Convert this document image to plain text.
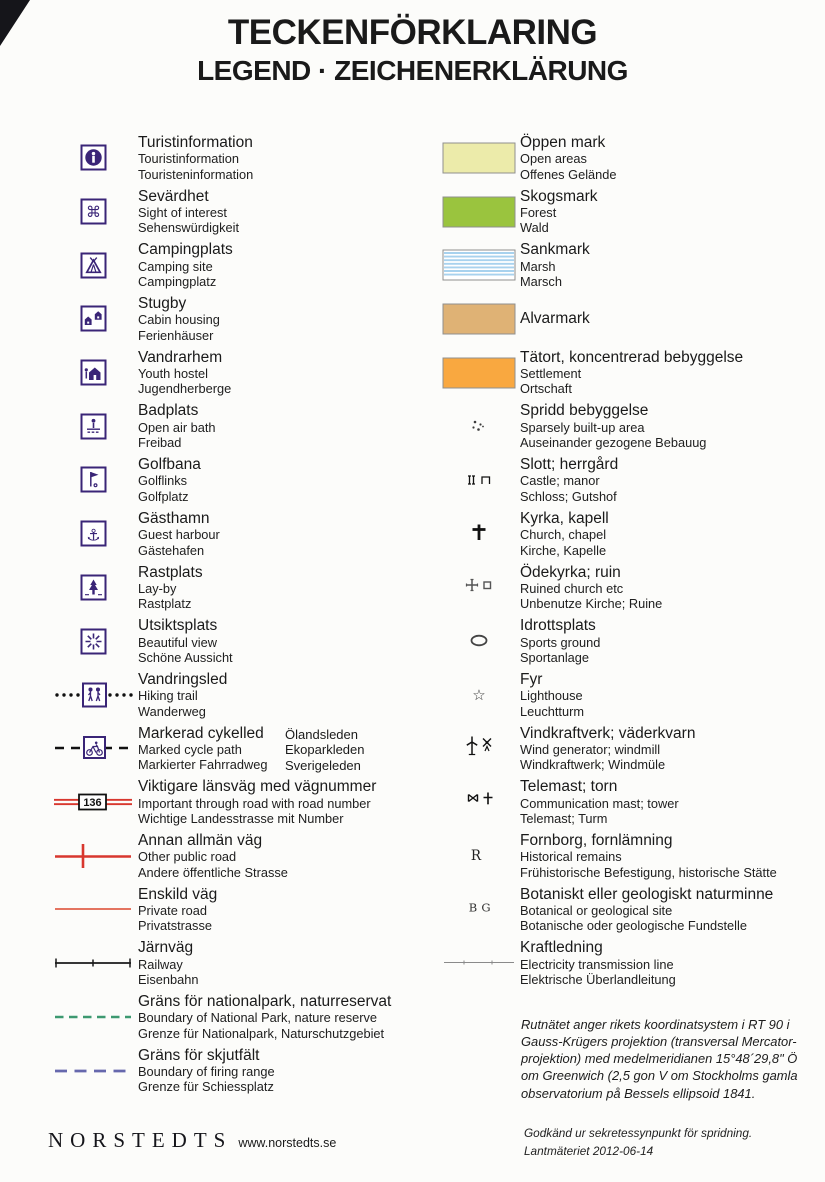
TECKENFÖRKLARING
LEGEND · ZEICHENERKLÄRUNG
Turistinformation
Touristinformation
Touristeninformation
⌘
Sevärdhet
Sight of interest
Sehenswürdigkeit
Campingplats
Camping site
Campingplatz
Stugby
Cabin housing
Ferienhäuser
Vandrarhem
Youth hostel
Jugendherberge
Badplats
Open air bath
Freibad
Golfbana
Golflinks
Golfplatz
⚓
Gästhamn
Guest harbour
Gästehafen
Rastplats
Lay-by
Rastplatz
Utsiktsplats
Beautiful view
Schöne Aussicht
Vandringsled
Hiking trail
Wanderweg
Markerad cykelled
Marked cycle path
Markierter Fahrradweg
Ölandsleden
Ekoparkleden
Sverigeleden
136
Viktigare länsväg med vägnummer
Important through road with road number
Wichtige Landesstrasse mit Number
Annan allmän väg
Other public road
Andere öffentliche Strasse
Enskild väg
Private road
Privatstrasse
Järnväg
Railway
Eisenbahn
Gräns för nationalpark, naturreservat
Boundary of National Park, nature reserve
Grenze für Nationalpark, Naturschutzgebiet
Gräns för skjutfält
Boundary of firing range
Grenze für Schiessplatz
Öppen mark
Open areas
Offenes Gelände
Skogsmark
Forest
Wald
Sankmark
Marsh
Marsch
Alvarmark
Tätort, koncentrerad bebyggelse
Settlement
Ortschaft
Spridd bebyggelse
Sparsely built-up area
Auseinander gezogene Bebauug
Slott; herrgård
Castle; manor
Schloss; Gutshof
Kyrka, kapell
Church, chapel
Kirche, Kapelle
Ödekyrka; ruin
Ruined church etc
Unbenutze Kirche; Ruine
Idrottsplats
Sports ground
Sportanlage
☆
Fyr
Lighthouse
Leuchtturm
Vindkraftverk; väderkvarn
Wind generator; windmill
Windkraftwerk; Windmüle
Telemast; torn
Communication mast; tower
Telemast; Turm
R
Fornborg, fornlämning
Historical remains
Frühistorische Befestigung, historische Stätte
B G
Botaniskt eller geologiskt naturminne
Botanical or geological site
Botanische oder geologische Fundstelle
Kraftledning
Electricity transmission line
Elektrische Überlandleitung
Rutnätet anger rikets koordinatsystem i RT 90 i Gauss-Krügers projektion (transversal Mercator-projektion) med medelmeridianen 15°48´29,8" Ö om Greenwich (2,5 gon V om Stockholms gamla observatorium på Bessels ellipsoid 1841.
NORSTEDTS www.norstedts.se
Godkänd ur sekretessynpunkt för spridning.
Lantmäteriet 2012-06-14
